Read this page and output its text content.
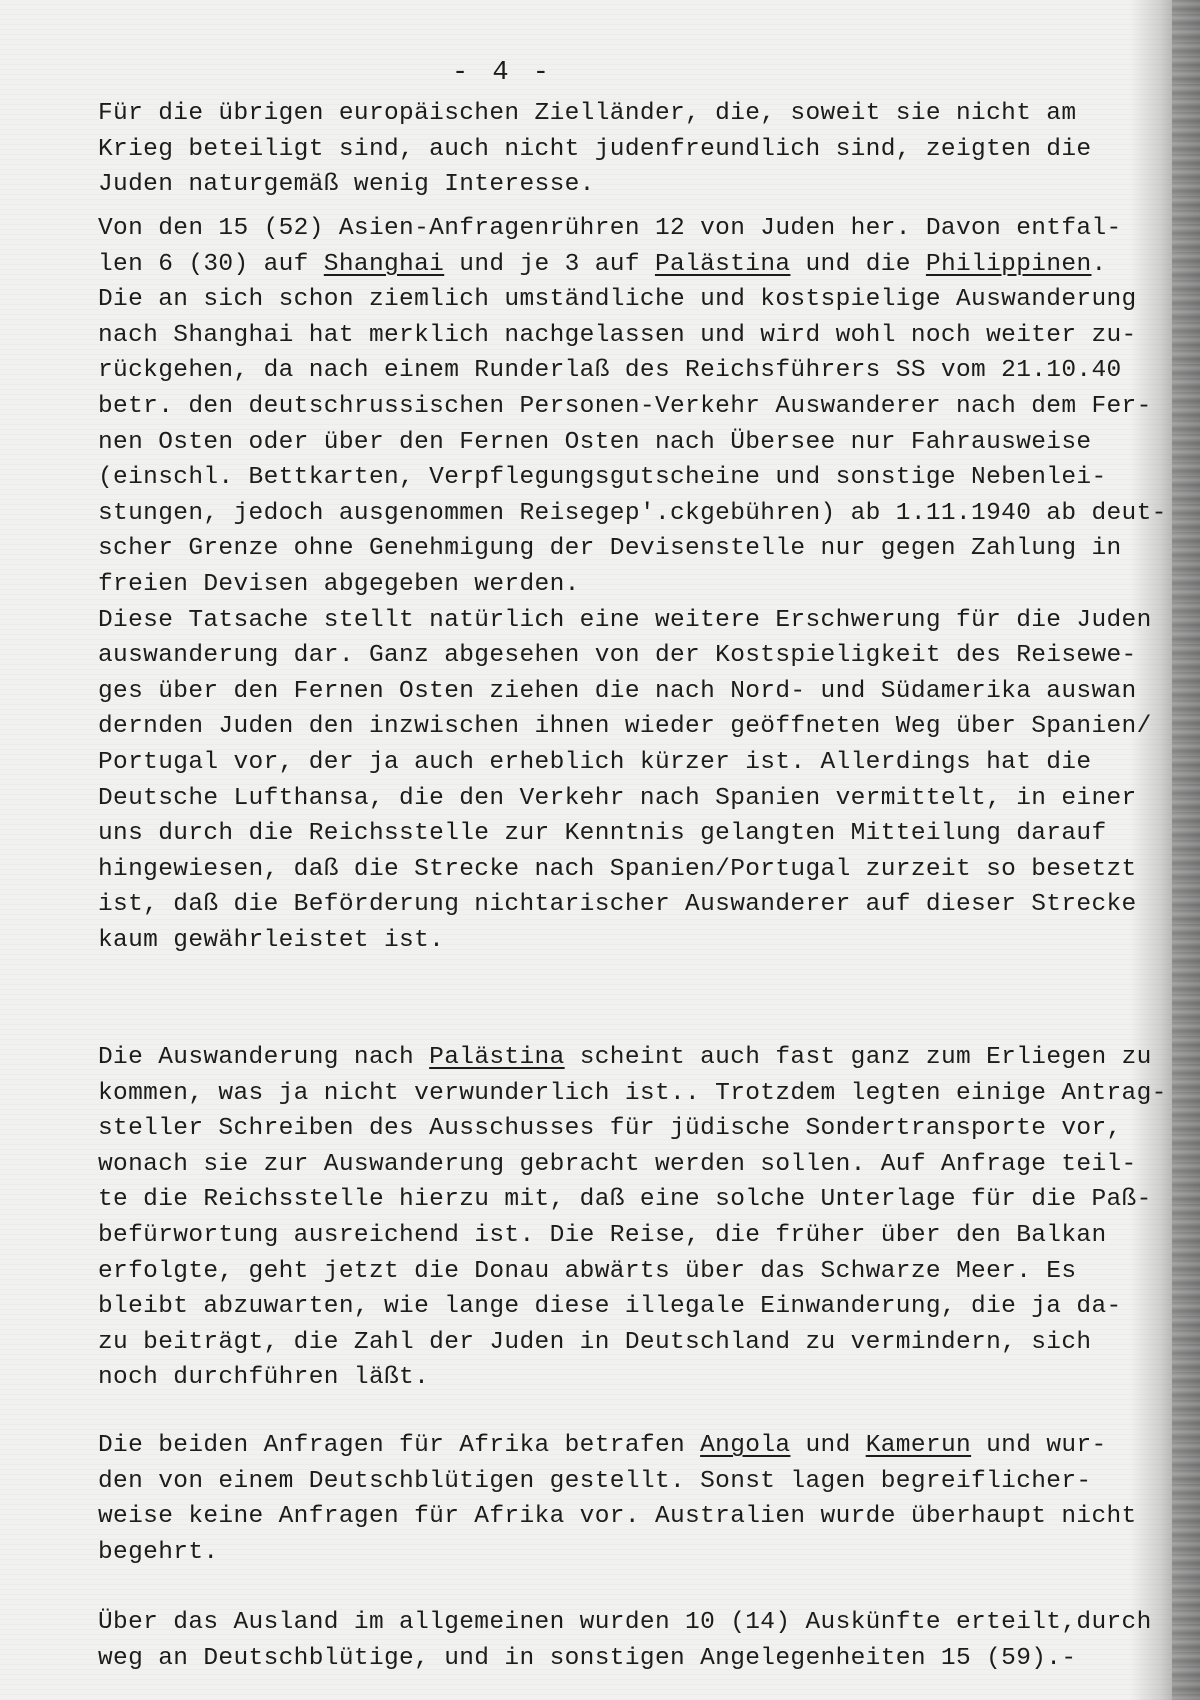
- 4 -
Für die übrigen europäischen Zielländer, die, soweit sie nicht am
Krieg beteiligt sind, auch nicht judenfreundlich sind, zeigten die
Juden naturgemäß wenig Interesse.
Von den 15 (52) Asien-Anfragenrühren 12 von Juden her. Davon entfal-
len 6 (30) auf Shanghai und je 3 auf Palästina und die Philippinen.
Die an sich schon ziemlich umständliche und kostspielige Auswanderung
nach Shanghai hat merklich nachgelassen und wird wohl noch weiter zu-
rückgehen, da nach einem Runderlaß des Reichsführers SS vom 21.10.40
betr. den deutschrussischen Personen-Verkehr Auswanderer nach dem Fer-
nen Osten oder über den Fernen Osten nach Übersee nur Fahrausweise
(einschl. Bettkarten, Verpflegungsgutscheine und sonstige Nebenlei-
stungen, jedoch ausgenommen Reisegep'.ckgebühren) ab 1.11.1940 ab deut-
scher Grenze ohne Genehmigung der Devisenstelle nur gegen Zahlung in
freien Devisen abgegeben werden.
Diese Tatsache stellt natürlich eine weitere Erschwerung für die Juden
auswanderung dar. Ganz abgesehen von der Kostspieligkeit des Reisewe-
ges über den Fernen Osten ziehen die nach Nord- und Südamerika auswan
dernden Juden den inzwischen ihnen wieder geöffneten Weg über Spanien/
Portugal vor, der ja auch erheblich kürzer ist. Allerdings hat die
Deutsche Lufthansa, die den Verkehr nach Spanien vermittelt, in einer
uns durch die Reichsstelle zur Kenntnis gelangten Mitteilung darauf
hingewiesen, daß die Strecke nach Spanien/Portugal zurzeit so besetzt
ist, daß die Beförderung nichtarischer Auswanderer auf dieser Strecke
kaum gewährleistet ist.
Die Auswanderung nach Palästina scheint auch fast ganz zum Erliegen zu
kommen, was ja nicht verwunderlich ist.. Trotzdem legten einige Antrag-
steller Schreiben des Ausschusses für jüdische Sondertransporte vor,
wonach sie zur Auswanderung gebracht werden sollen. Auf Anfrage teil-
te die Reichsstelle hierzu mit, daß eine solche Unterlage für die Paß-
befürwortung ausreichend ist. Die Reise, die früher über den Balkan
erfolgte, geht jetzt die Donau abwärts über das Schwarze Meer. Es
bleibt abzuwarten, wie lange diese illegale Einwanderung, die ja da-
zu beiträgt, die Zahl der Juden in Deutschland zu vermindern, sich
noch durchführen läßt.
Die beiden Anfragen für Afrika betrafen Angola und Kamerun und wur-
den von einem Deutschblütigen gestellt. Sonst lagen begreiflicher-
weise keine Anfragen für Afrika vor. Australien wurde überhaupt nicht
begehrt.
Über das Ausland im allgemeinen wurden 10 (14) Auskünfte erteilt,durch
weg an Deutschblütige, und in sonstigen Angelegenheiten 15 (59).-
